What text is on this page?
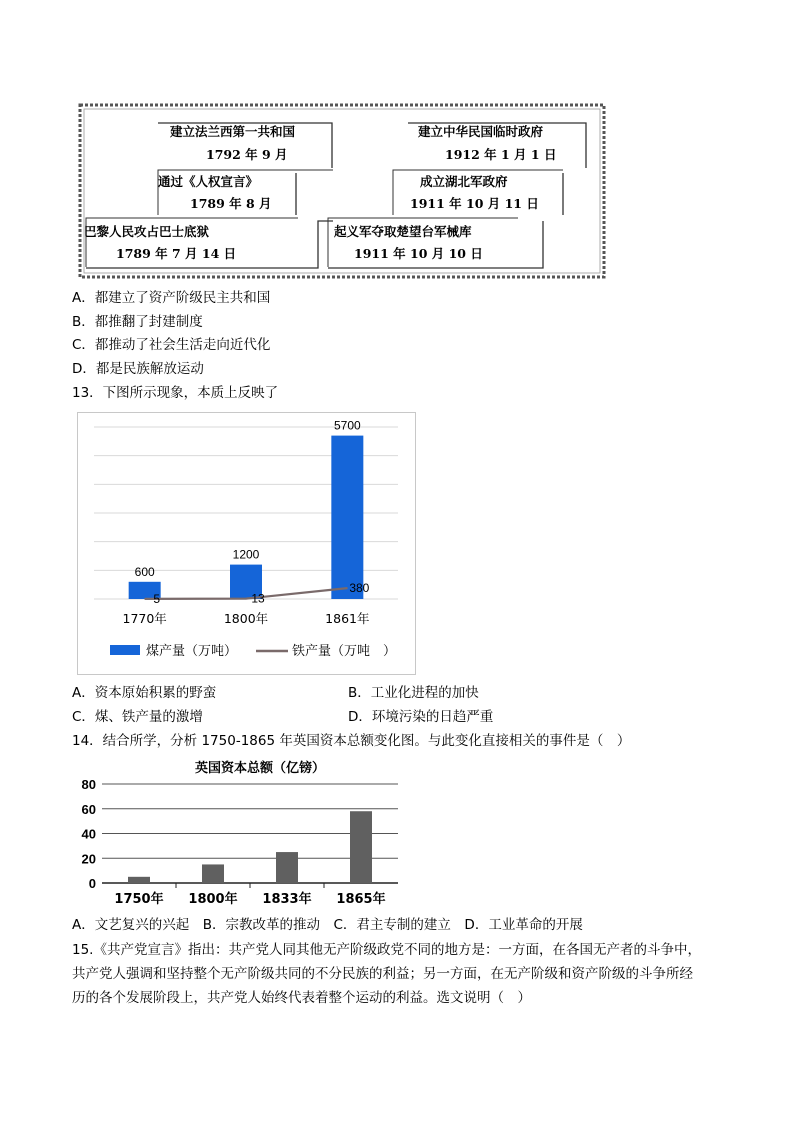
建立法兰西第一共和国
1792 年 9 月
通过《人权宣言》
1789 年 8 月
巴黎人民攻占巴士底狱
1789 年 7 月 14 日
建立中华民国临时政府
1912 年 1 月 1 日
成立湖北军政府
1911 年 10 月 11 日
起义军夺取楚望台军械库
1911 年 10 月 10 日
A．都建立了资产阶级民主共和国
B．都推翻了封建制度
C．都推动了社会生活走向近代化
D．都是民族解放运动
13．下图所示现象，本质上反映了
600
1770年
1200
1800年
5700
1861年
5	13
380
煤产量（万吨）	铁产量（万吨　）
A．资本原始积累的野蛮	B．工业化进程的加快
C．煤、铁产量的激增	D．环境污染的日趋严重
14．结合所学，分析 1750-1865 年英国资本总额变化图。与此变化直接相关的事件是（　）
英国资本总额（亿镑）
0
20
40
60
80
1750年 1800年 1833年 1865年
A．文艺复兴的兴起　B．宗教改革的推动　C．君主专制的建立　D．工业革命的开展
15.《共产党宣言》指出：共产党人同其他无产阶级政党不同的地方是：一方面，在各国无产者的斗争中，
共产党人强调和坚持整个无产阶级共同的不分民族的利益；另一方面，在无产阶级和资产阶级的斗争所经
历的各个发展阶段上，共产党人始终代表着整个运动的利益。选文说明（　）
